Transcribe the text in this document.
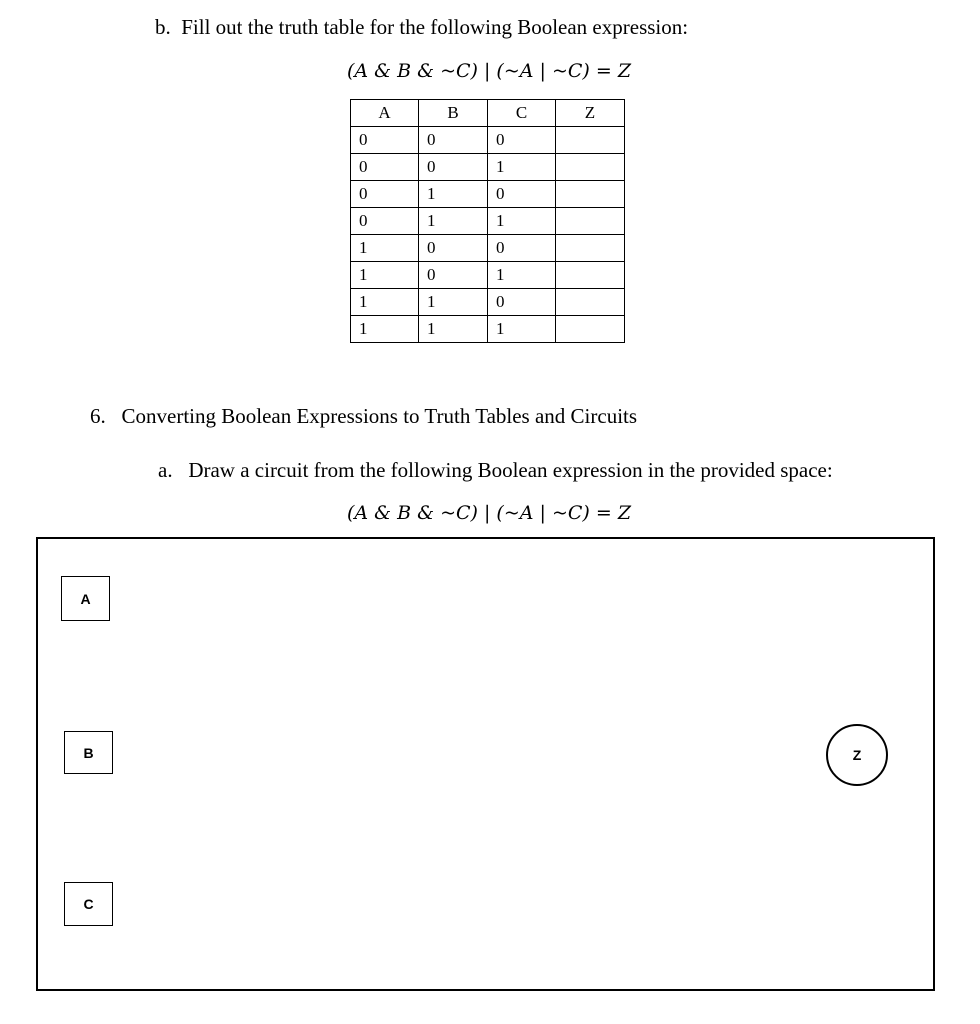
b. Fill out the truth table for the following Boolean expression:
(A & B & ~C) | (~A | ~C) = Z
A	B	C	Z
0	0	0	
0	0	1	
0	1	0	
0	1	1	
1	0	0	
1	0	1	
1	1	0	
1	1	1	
6.  Converting Boolean Expressions to Truth Tables and Circuits
a.  Draw a circuit from the following Boolean expression in the provided space:
(A & B & ~C) | (~A | ~C) = Z
A
B
C
Z
